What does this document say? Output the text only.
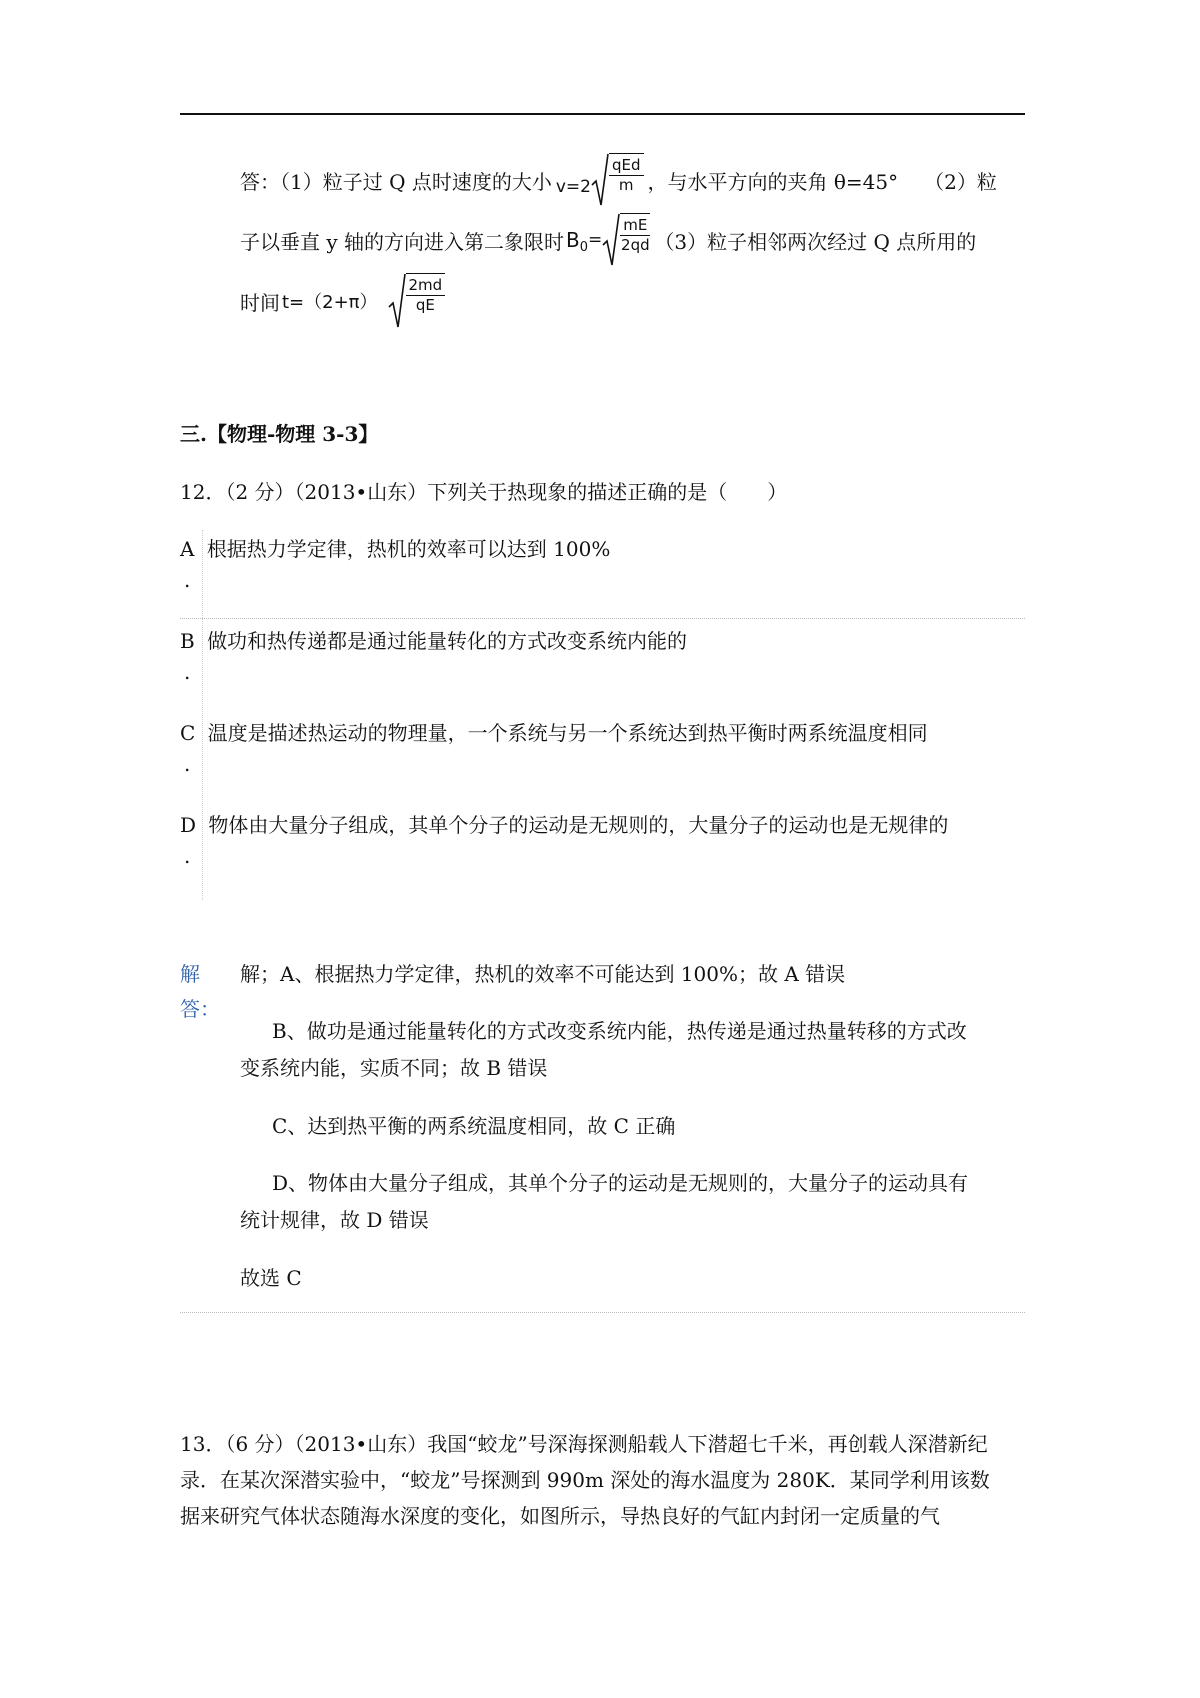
答：（1）粒子过 Q 点时速度的大小 $v=2 \frac{\text{qEd}}{m}$ ，与水平方向的夹角 θ=45° （2）粒
子以垂直 y 轴的方向进入第二象限时 B $0 = \frac{mE}{2qd} (3)$粒子相邻两次经过 Q 点所用的
时间 $t=(2+\pi) \frac{2md}{qE}$
三.【物理-物理 3-3】
12．（2 分）（2013•山东）下列关于热现象的描述正确的是（　　）
A 根据热力学定律，热机的效率可以达到 100%
.
B 做功和热传递都是通过能量转化的方式改变系统内能的
.
C 温度是描述热运动的物理量，一个系统与另一个系统达到热平衡时两系统温度相同
.
D 物体由大量分子组成，其单个分子的运动是无规则的，大量分子的运动也是无规律的
.
解
答：
解；A、根据热力学定律，热机的效率不可能达到 100%；故 A 错误
B、做功是通过能量转化的方式改变系统内能，热传递是通过热量转移的方式改
变系统内能，实质不同；故 B 错误
C、达到热平衡的两系统温度相同，故 C 正确
D、物体由大量分子组成，其单个分子的运动是无规则的，大量分子的运动具有
统计规律，故 D 错误
故选 C
13．（6 分）（2013•山东）我国“蛟龙”号深海探测船载人下潜超七千米，再创载人深潜新纪
录．在某次深潜实验中，“蛟龙”号探测到 990m 深处的海水温度为 280K．某同学利用该数
据来研究气体状态随海水深度的变化，如图所示，导热良好的气缸内封闭一定质量的气
